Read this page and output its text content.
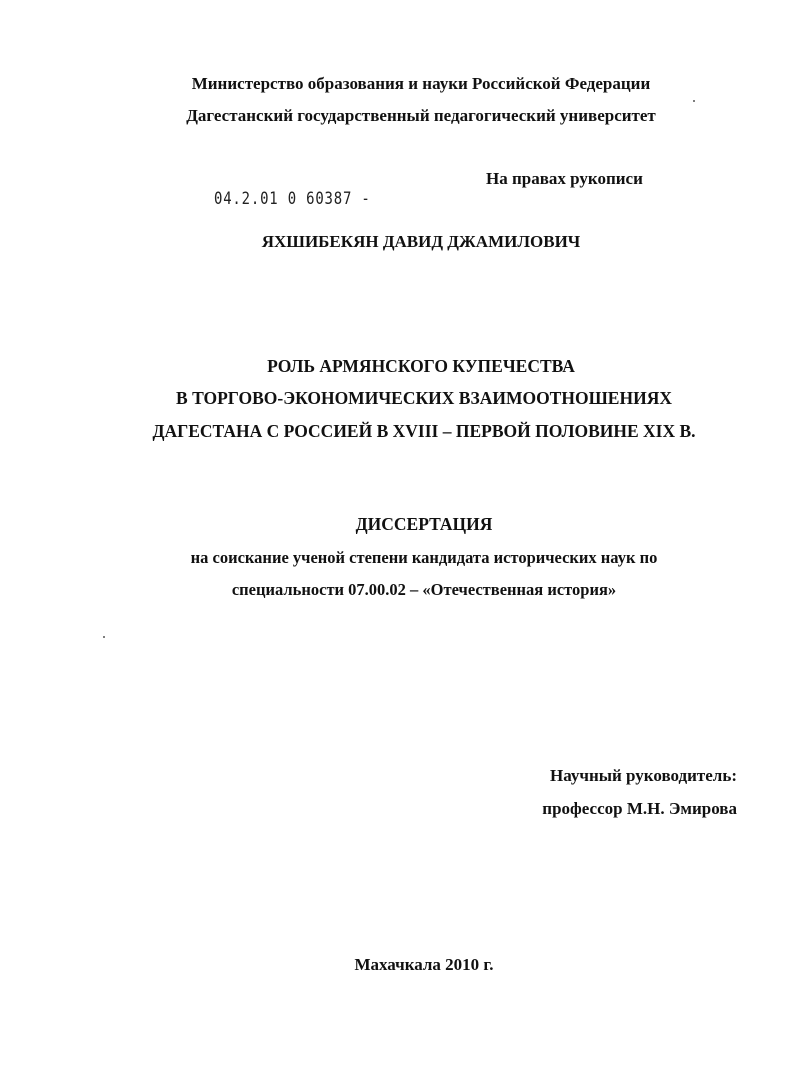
Министерство образования и науки Российской Федерации
Дагестанский государственный педагогический университет
На правах рукописи
04.2.01 0 60387 -
ЯХШИБЕКЯН ДАВИД ДЖАМИЛОВИЧ
РОЛЬ АРМЯНСКОГО КУПЕЧЕСТВА
В ТОРГОВО-ЭКОНОМИЧЕСКИХ ВЗАИМООТНОШЕНИЯХ
ДАГЕСТАНА С РОССИЕЙ В XVIII – ПЕРВОЙ ПОЛОВИНЕ XIX В.
ДИССЕРТАЦИЯ
на соискание ученой степени кандидата исторических наук по
специальности 07.00.02 – «Отечественная история»
Научный руководитель:
профессор М.Н. Эмирова
Махачкала 2010 г.
